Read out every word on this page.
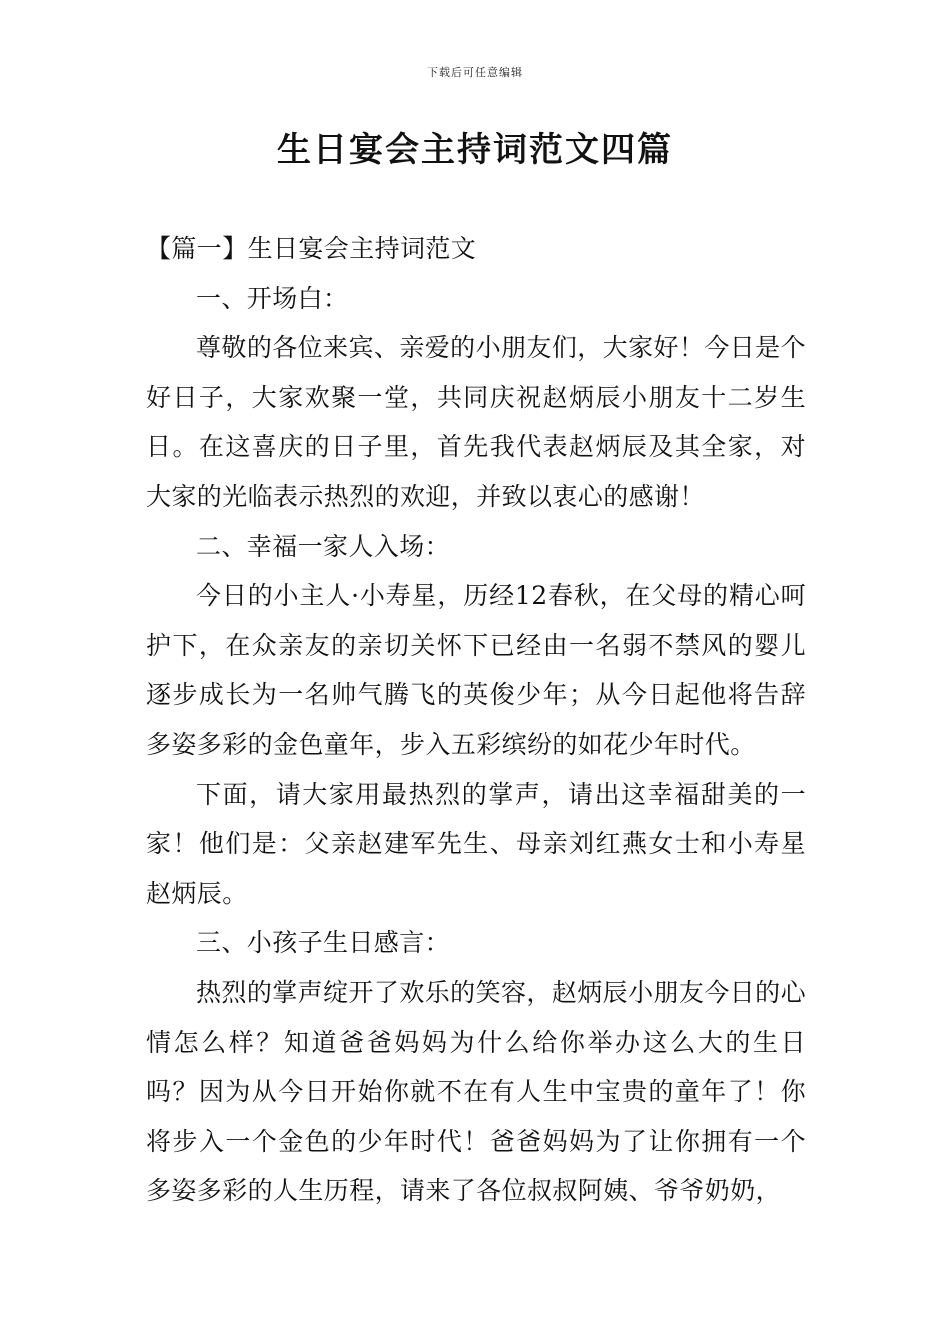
下载后可任意编辑
生日宴会主持词范文四篇

【篇一】生日宴会主持词范文

一、开场白：

尊敬的各位来宾、亲爱的小朋友们，大家好！今日是个好日子，大家欢聚一堂，共同庆祝赵炳辰小朋友十二岁生日。在这喜庆的日子里，首先我代表赵炳辰及其全家，对大家的光临表示热烈的欢迎，并致以衷心的感谢！

二、幸福一家人入场：

今日的小主人·小寿星，历经12春秋，在父母的精心呵护下，在众亲友的亲切关怀下已经由一名弱不禁风的婴儿逐步成长为一名帅气腾飞的英俊少年；从今日起他将告辞多姿多彩的金色童年，步入五彩缤纷的如花少年时代。

下面，请大家用最热烈的掌声，请出这幸福甜美的一家！他们是：父亲赵建军先生、母亲刘红燕女士和小寿星赵炳辰。

三、小孩子生日感言：

热烈的掌声绽开了欢乐的笑容，赵炳辰小朋友今日的心情怎么样？知道爸爸妈妈为什么给你举办这么大的生日吗？因为从今日开始你就不在有人生中宝贵的童年了！你将步入一个金色的少年时代！爸爸妈妈为了让你拥有一个多姿多彩的人生历程，请来了各位叔叔阿姨、爷爷奶奶，
